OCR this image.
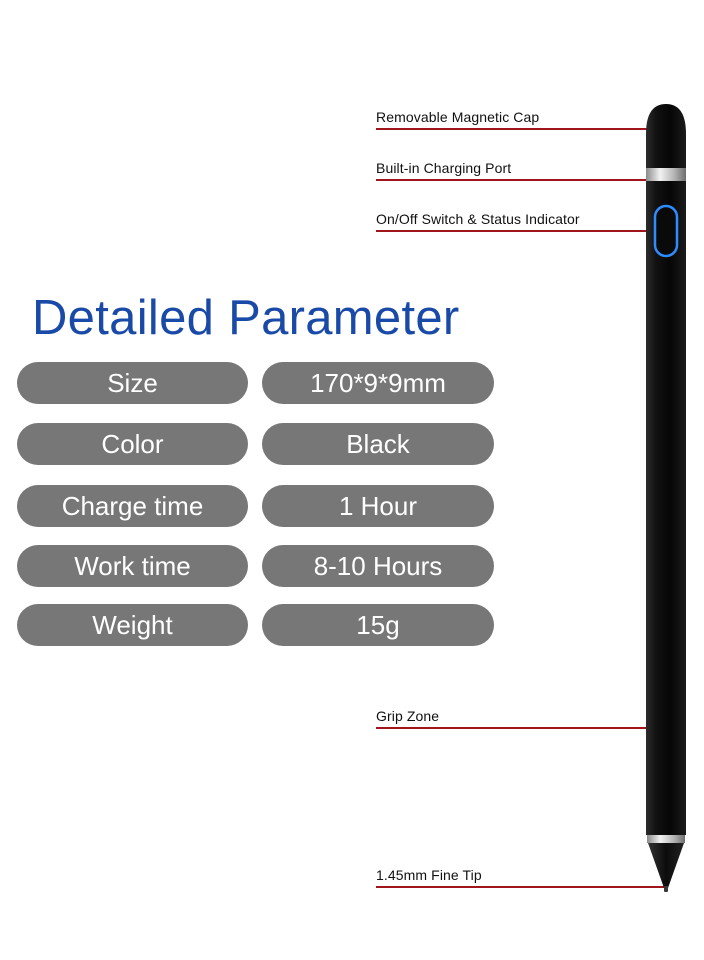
Removable Magnetic Cap
Built-in Charging Port
On/Off Switch & Status Indicator
Grip Zone
1.45mm Fine Tip
Detailed Parameter
Size	170*9*9mm
Color	Black
Charge time	1 Hour
Work time	8-10 Hours
Weight	15g
